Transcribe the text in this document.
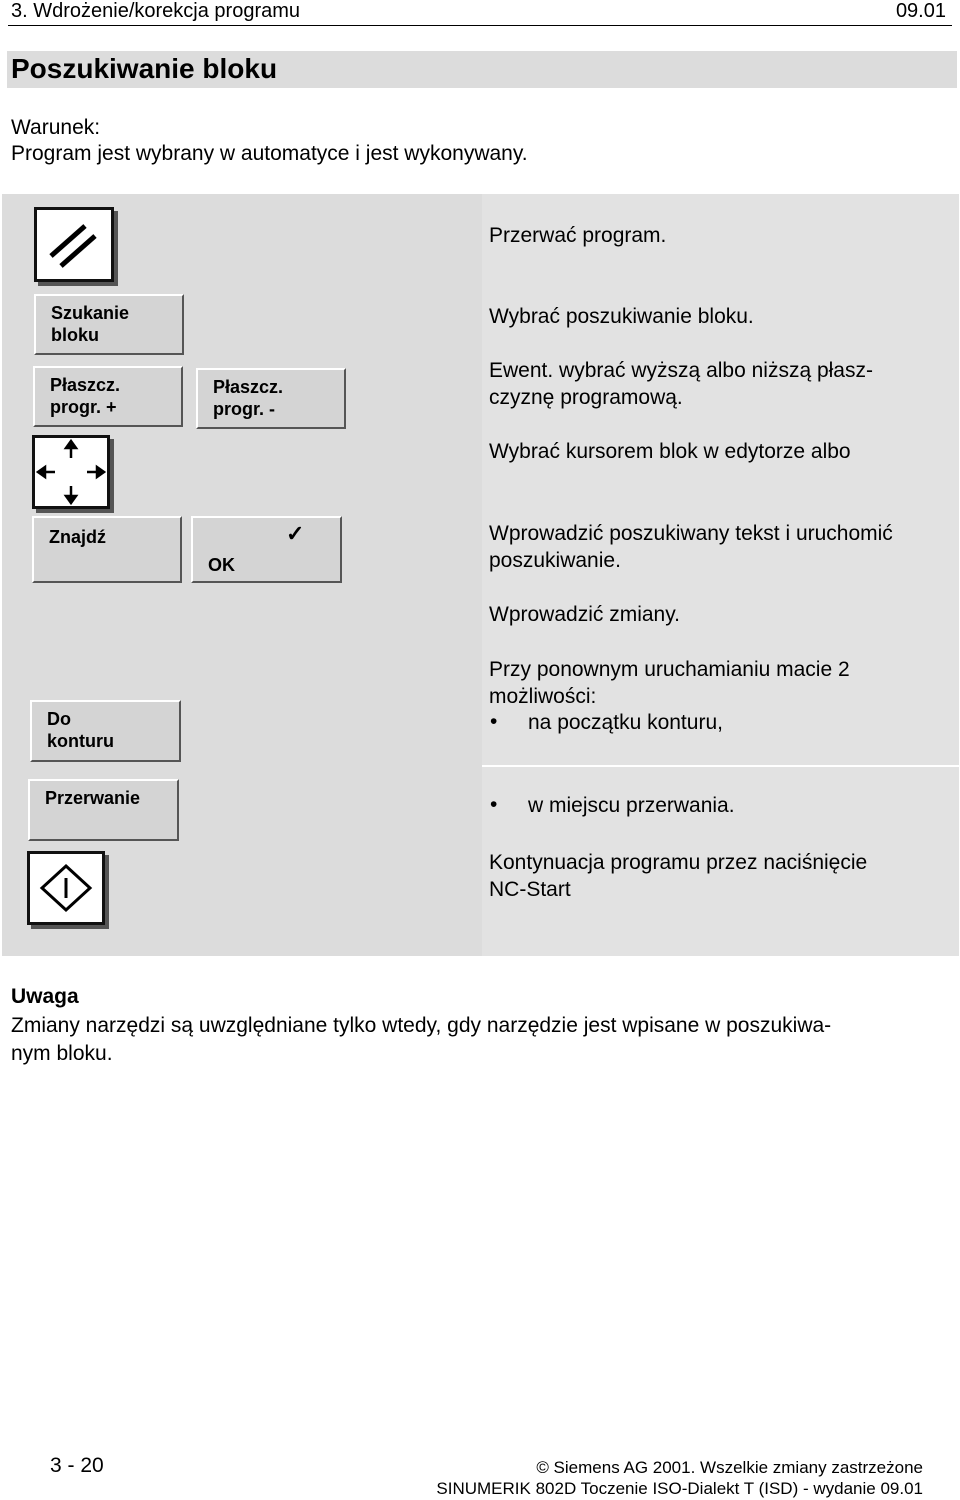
3. Wdrożenie/korekcja programu	09.01
Poszukiwanie bloku
Warunek:
Program jest wybrany w automatyce i jest wykonywany.
Szukanie
bloku
Płaszcz.
progr. +
Płaszcz.
progr. -
Znajdź
OK
✓
Do
konturu
Przerwanie
Przerwać program.
Wybrać poszukiwanie bloku.
Ewent. wybrać wyższą albo niższą płasz-
czyznę programową.
Wybrać kursorem blok w edytorze albo
Wprowadzić poszukiwany tekst i uruchomić
poszukiwanie.
Wprowadzić zmiany.
Przy ponownym uruchamianiu macie 2
możliwości:
• na początku konturu,
• w miejscu przerwania.
Kontynuacja programu przez naciśnięcie
NC-Start
Uwaga
Zmiany narzędzi są uwzględniane tylko wtedy, gdy narzędzie jest wpisane w poszukiwa-
nym bloku.
3 - 20	© Siemens AG 2001. Wszelkie zmiany zastrzeżone
SINUMERIK 802D Toczenie ISO-Dialekt T (ISD) - wydanie 09.01
